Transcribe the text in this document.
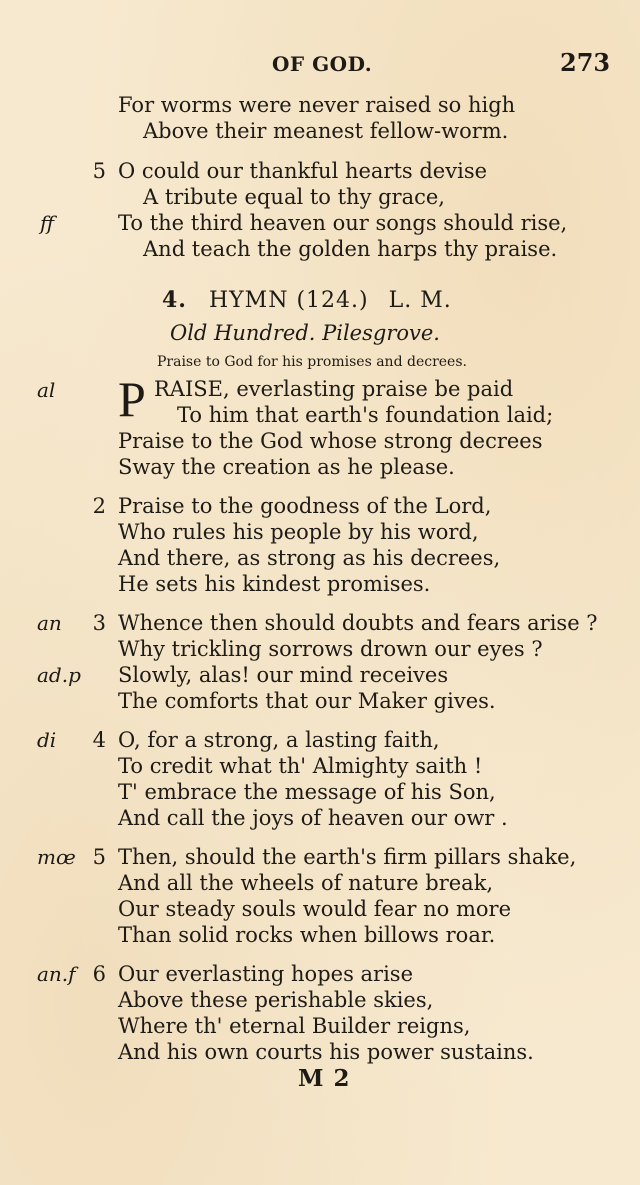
OF GOD.	273
For worms were never raised so high
Above their meanest fellow-worm.
5 O could our thankful hearts devise
A tribute equal to thy grace,
ff	To the third heaven our songs should rise,
And teach the golden harps thy praise.
4. HYMN (124.) L. M.
Old Hundred. Pilesgrove.
Praise to God for his promises and decrees.
al P RAISE, everlasting praise be paid
To him that earth's foundation laid;
Praise to the God whose strong decrees
Sway the creation as he please.
2 Praise to the goodness of the Lord,
Who rules his people by his word,
And there, as strong as his decrees,
He sets his kindest promises.
an	3 Whence then should doubts and fears arise ?
Why trickling sorrows drown our eyes ?
ad.p Slowly, alas! our mind receives
The comforts that our Maker gives.
di	4 O, for a strong, a lasting faith,
To credit what th' Almighty saith !
T' embrace the message of his Son,
And call the joys of heaven our owr .
mœ 5 Then, should the earth's firm pillars shake,
And all the wheels of nature break,
Our steady souls would fear no more
Than solid rocks when billows roar.
an.f 6 Our everlasting hopes arise
Above these perishable skies,
Where th' eternal Builder reigns,
And his own courts his power sustains.
M 2
